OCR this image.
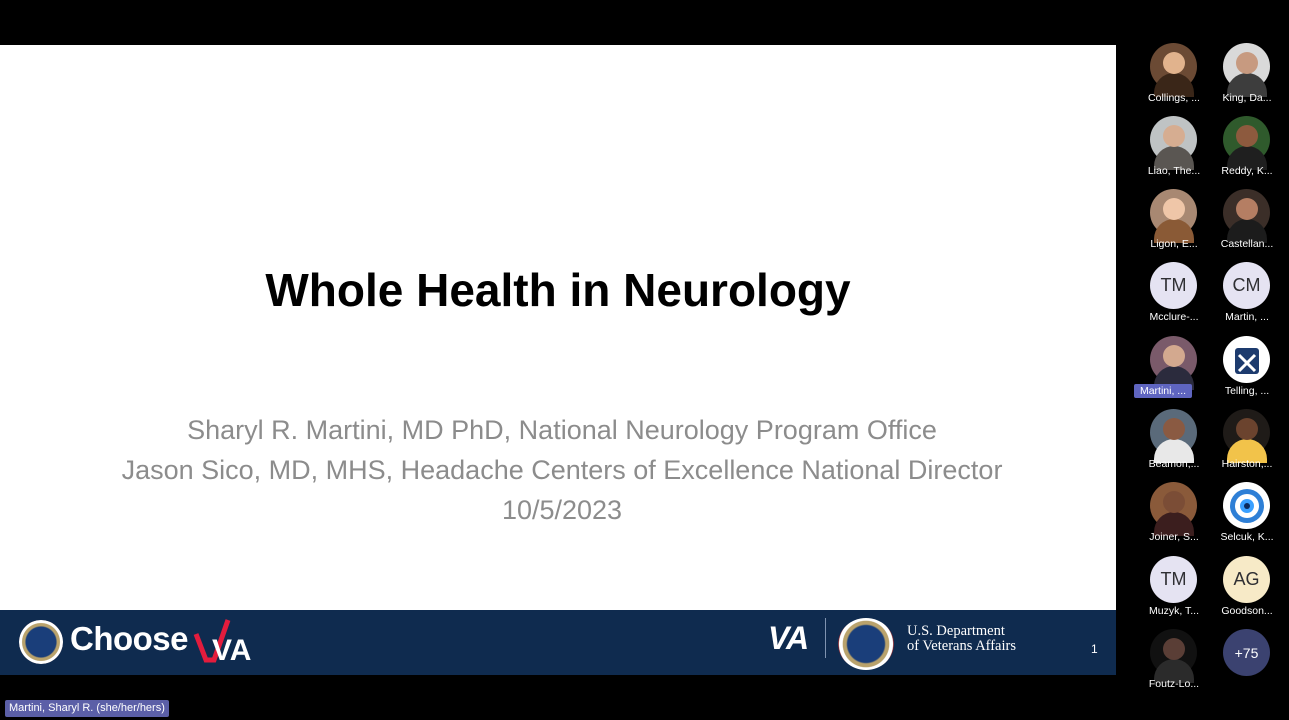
Whole Health in Neurology
Sharyl R. Martini, MD PhD, National Neurology Program Office
Jason Sico, MD, MHS, Headache Centers of Excellence National Director
10/5/2023
Choose VA	VA	U.S. Department
of Veterans Affairs	1
Collings, ...	King, Da...
Liao, The...	Reddy, K...
Ligon, E...	Castellan...
TM
Mcclure-...
CM
Martin, ...
Martini, ...	Telling, ...
Beamon,...	Hairston,...
Joiner, S...	Selcuk, K...
TM
Muzyk, T...
AG
Goodson...
Foutz-Lo...
+75
Martini, Sharyl R. (she/her/hers)
